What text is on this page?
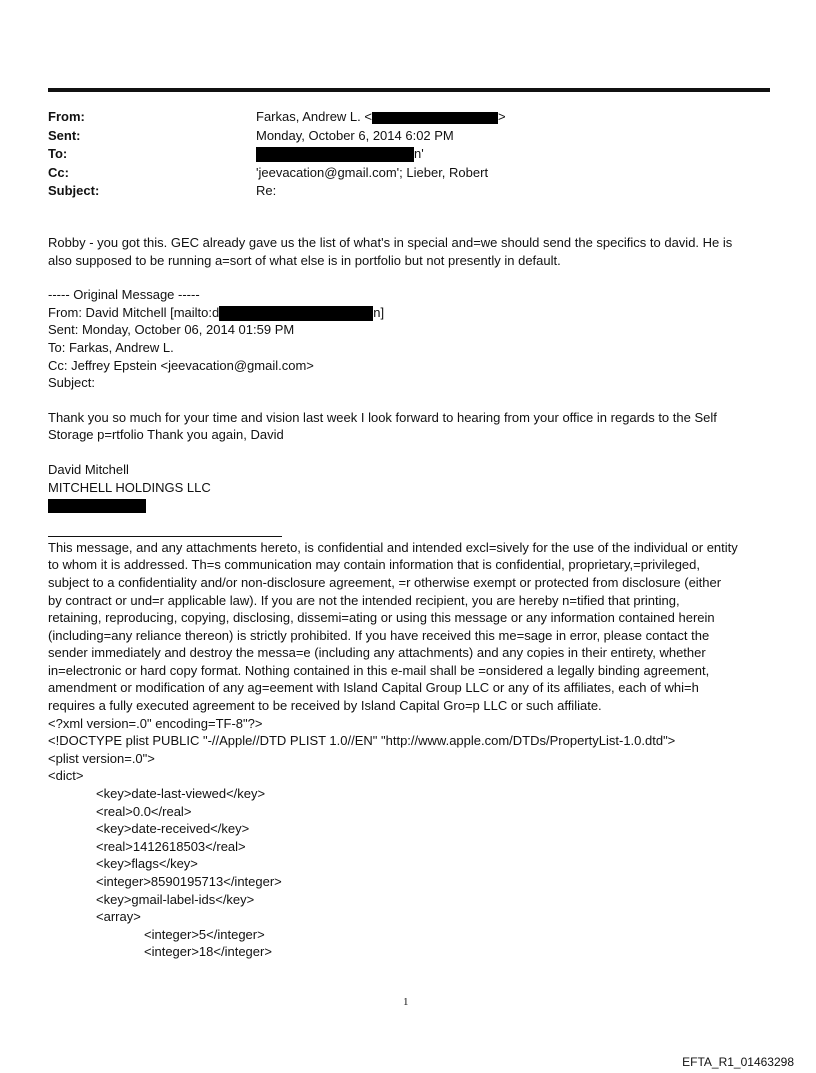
From:	Farkas, Andrew L. <	>
Sent:	Monday, October 6, 2014 6:02 PM
To:	n'
Cc:	'jeevacation@gmail.com'; Lieber, Robert
Subject:	Re:

Robby - you got this. GEC already gave us the list of what's in special and=we should send the specifics to david. He is

also supposed to be running a=sort of what else is in portfolio but not presently in default.

----- Original Message -----

From: David Mitchell [mailto:d	n]

Sent: Monday, October 06, 2014 01:59 PM

To: Farkas, Andrew L.

Cc: Jeffrey Epstein <jeevacation@gmail.com>

Subject:

Thank you so much for your time and vision last week I look forward to hearing from your office in regards to the Self

Storage p=rtfolio Thank you again, David

David Mitchell

MITCHELL HOLDINGS LLC

This message, and any attachments hereto, is confidential and intended excl=sively for the use of the individual or entity

to whom it is addressed. Th=s communication may contain information that is confidential, proprietary,=privileged,

subject to a confidentiality and/or non-disclosure agreement, =r otherwise exempt or protected from disclosure (either

by contract or und=r applicable law). If you are not the intended recipient, you are hereby n=tified that printing,

retaining, reproducing, copying, disclosing, dissemi=ating or using this message or any information contained herein

(including=any reliance thereon) is strictly prohibited. If you have received this me=sage in error, please contact the

sender immediately and destroy the messa=e (including any attachments) and any copies in their entirety, whether

in=electronic or hard copy format. Nothing contained in this e-mail shall be =onsidered a legally binding agreement,

amendment or modification of any ag=eement with Island Capital Group LLC or any of its affiliates, each of whi=h

requires a fully executed agreement to be received by Island Capital Gro=p LLC or such affiliate.

<?xml version=.0" encoding=TF-8"?>

<!DOCTYPE plist PUBLIC "-//Apple//DTD PLIST 1.0//EN" "http://www.apple.com/DTDs/PropertyList-1.0.dtd">

<plist version=.0">

<dict>

<key>date-last-viewed</key>

<real>0.0</real>

<key>date-received</key>

<real>1412618503</real>

<key>flags</key>

<integer>8590195713</integer>

<key>gmail-label-ids</key>

<array>

<integer>5</integer>

<integer>18</integer>

1
EFTA_R1_01463298
